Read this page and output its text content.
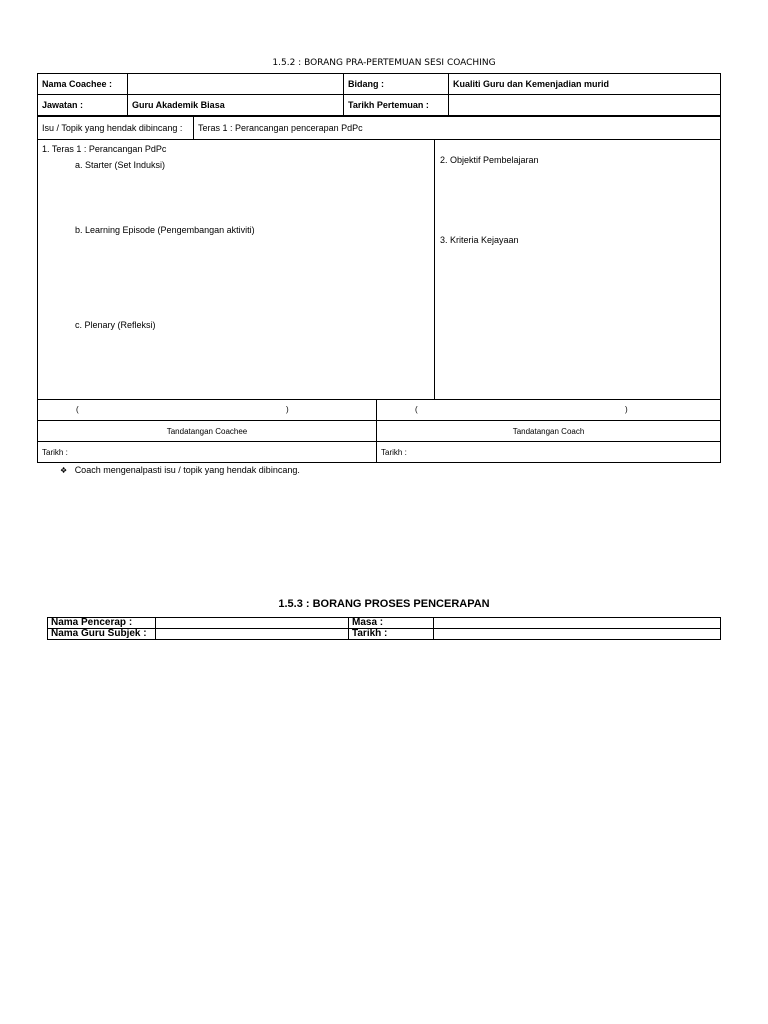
1.5.2 : BORANG PRA-PERTEMUAN SESI COACHING
Nama Coachee :		Bidang :	Kualiti Guru dan Kemenjadian murid
Jawatan :	Guru Akademik Biasa	Tarikh Pertemuan :	
Isu / Topik yang hendak dibincang : Teras 1 : Perancangan pencerapan PdPc
1. Teras 1 : Perancangan PdPc
a. Starter (Set Induksi)
b. Learning Episode (Pengembangan aktiviti)
c. Plenary (Refleksi)
2. Objektif Pembelajaran
3. Kriteria Kejayaan
( )	( )

Tandatangan Coachee	Tandatangan Coach
Tarikh :	Tarikh :
❖ Coach mengenalpasti isu / topik yang hendak dibincang.
1.5.3 : BORANG PROSES PENCERAPAN
Nama Pencerap :		Masa :	
Nama Guru Subjek :		Tarikh :	
